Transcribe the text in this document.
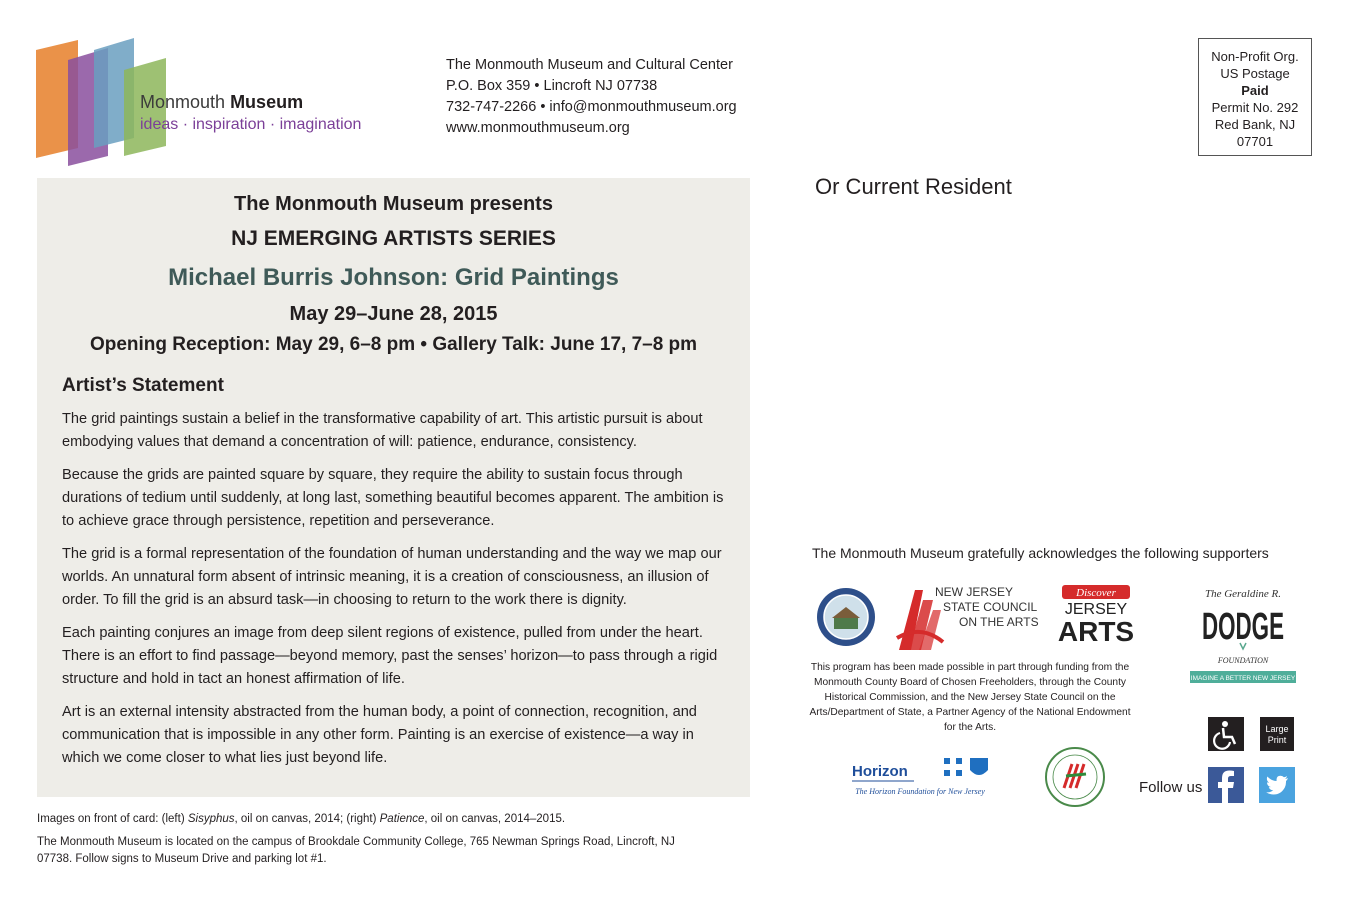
Monmouth Museum
ideas · inspiration · imagination
The Monmouth Museum and Cultural Center
P.O. Box 359 • Lincroft NJ 07738
732-747-2266 • info@monmouthmuseum.org
www.monmouthmuseum.org
Non-Profit Org.
US Postage
Paid
Permit No. 292
Red Bank, NJ
07701
Or Current Resident
The Monmouth Museum presents
NJ EMERGING ARTISTS SERIES
Michael Burris Johnson: Grid Paintings
May 29–June 28, 2015
Opening Reception: May 29, 6–8 pm • Gallery Talk: June 17, 7–8 pm
Artist’s Statement

The grid paintings sustain a belief in the transformative capability of art. This artistic pursuit is about embodying values that demand a concentration of will: patience, endurance, consistency.

Because the grids are painted square by square, they require the ability to sustain focus through durations of tedium until suddenly, at long last, something beautiful becomes apparent. The ambition is to achieve grace through persistence, repetition and perseverance.

The grid is a formal representation of the foundation of human understanding and the way we map our worlds. An unnatural form absent of intrinsic meaning, it is a creation of consciousness, an illusion of order. To fill the grid is an absurd task—in choosing to return to the work there is dignity.

Each painting conjures an image from deep silent regions of existence, pulled from under the heart. There is an effort to find passage—beyond memory, past the senses’ horizon—to pass through a rigid structure and hold in tact an honest affirmation of life.

Art is an external intensity abstracted from the human body, a point of connection, recognition, and communication that is impossible in any other form. Painting is an exercise of existence—a way in which we come closer to what lies just beyond life.

Images on front of card: (left) Sisyphus, oil on canvas, 2014; (right) Patience, oil on canvas, 2014–2015.
The Monmouth Museum is located on the campus of Brookdale Community College, 765 Newman Springs Road, Lincroft, NJ 07738. Follow signs to Museum Drive and parking lot #1.
The Monmouth Museum gratefully acknowledges the following supporters
NEW JERSEY
STATE COUNCIL
ON THE ARTS
Discover
JERSEY
ARTS
The Geraldine R.
DODGE
FOUNDATION
IMAGINE A BETTER NEW JERSEY
This program has been made possible in part through funding from the Monmouth County Board of Chosen Freeholders, through the County Historical Commission, and the New Jersey State Council on the Arts/Department of State, a Partner Agency of the National Endowment for the Arts.
Horizon
The Horizon Foundation for New Jersey
Large
Print
Follow us
